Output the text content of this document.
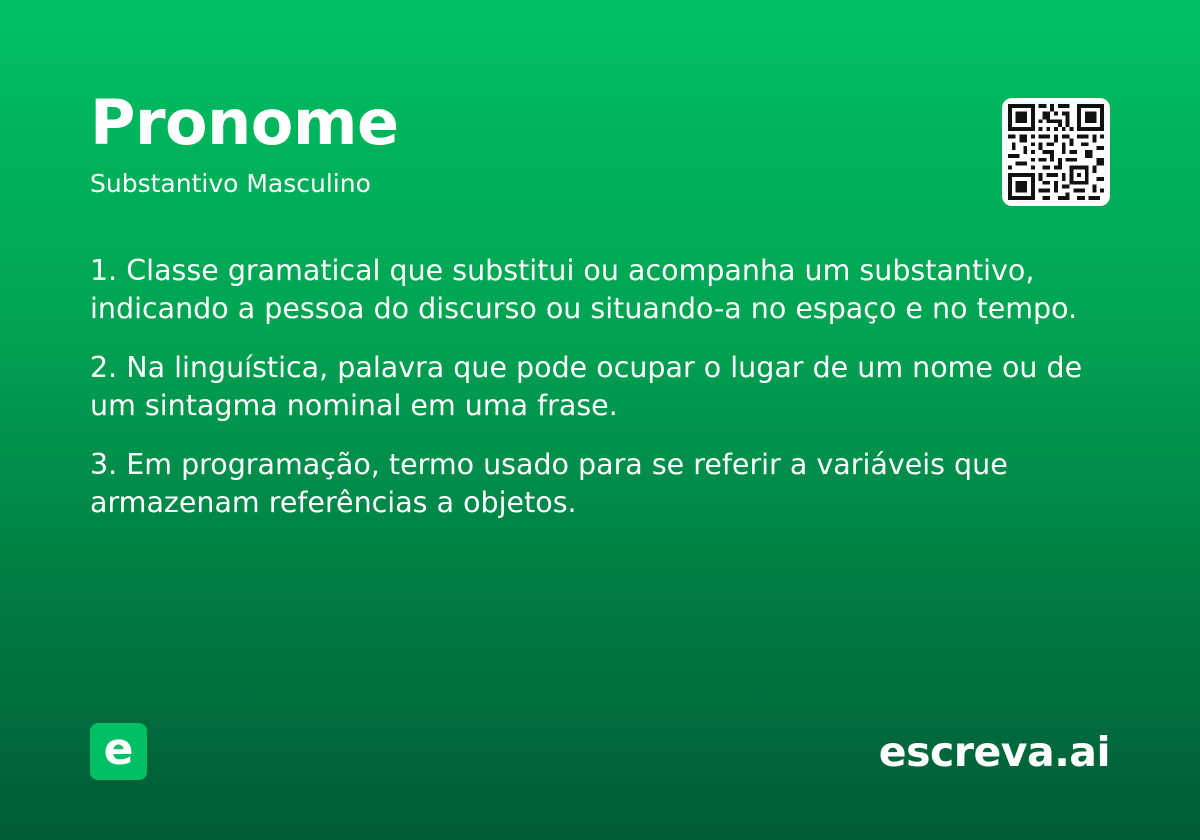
Pronome

Substantivo Masculino

1. Classe gramatical que substitui ou acompanha um substantivo, indicando a pessoa do discurso ou situando-a no espaço e no tempo.
2. Na linguística, palavra que pode ocupar o lugar de um nome ou de um sintagma nominal em uma frase.
3. Em programação, termo usado para se referir a variáveis que armazenam referências a objetos.
e	escreva.ai
